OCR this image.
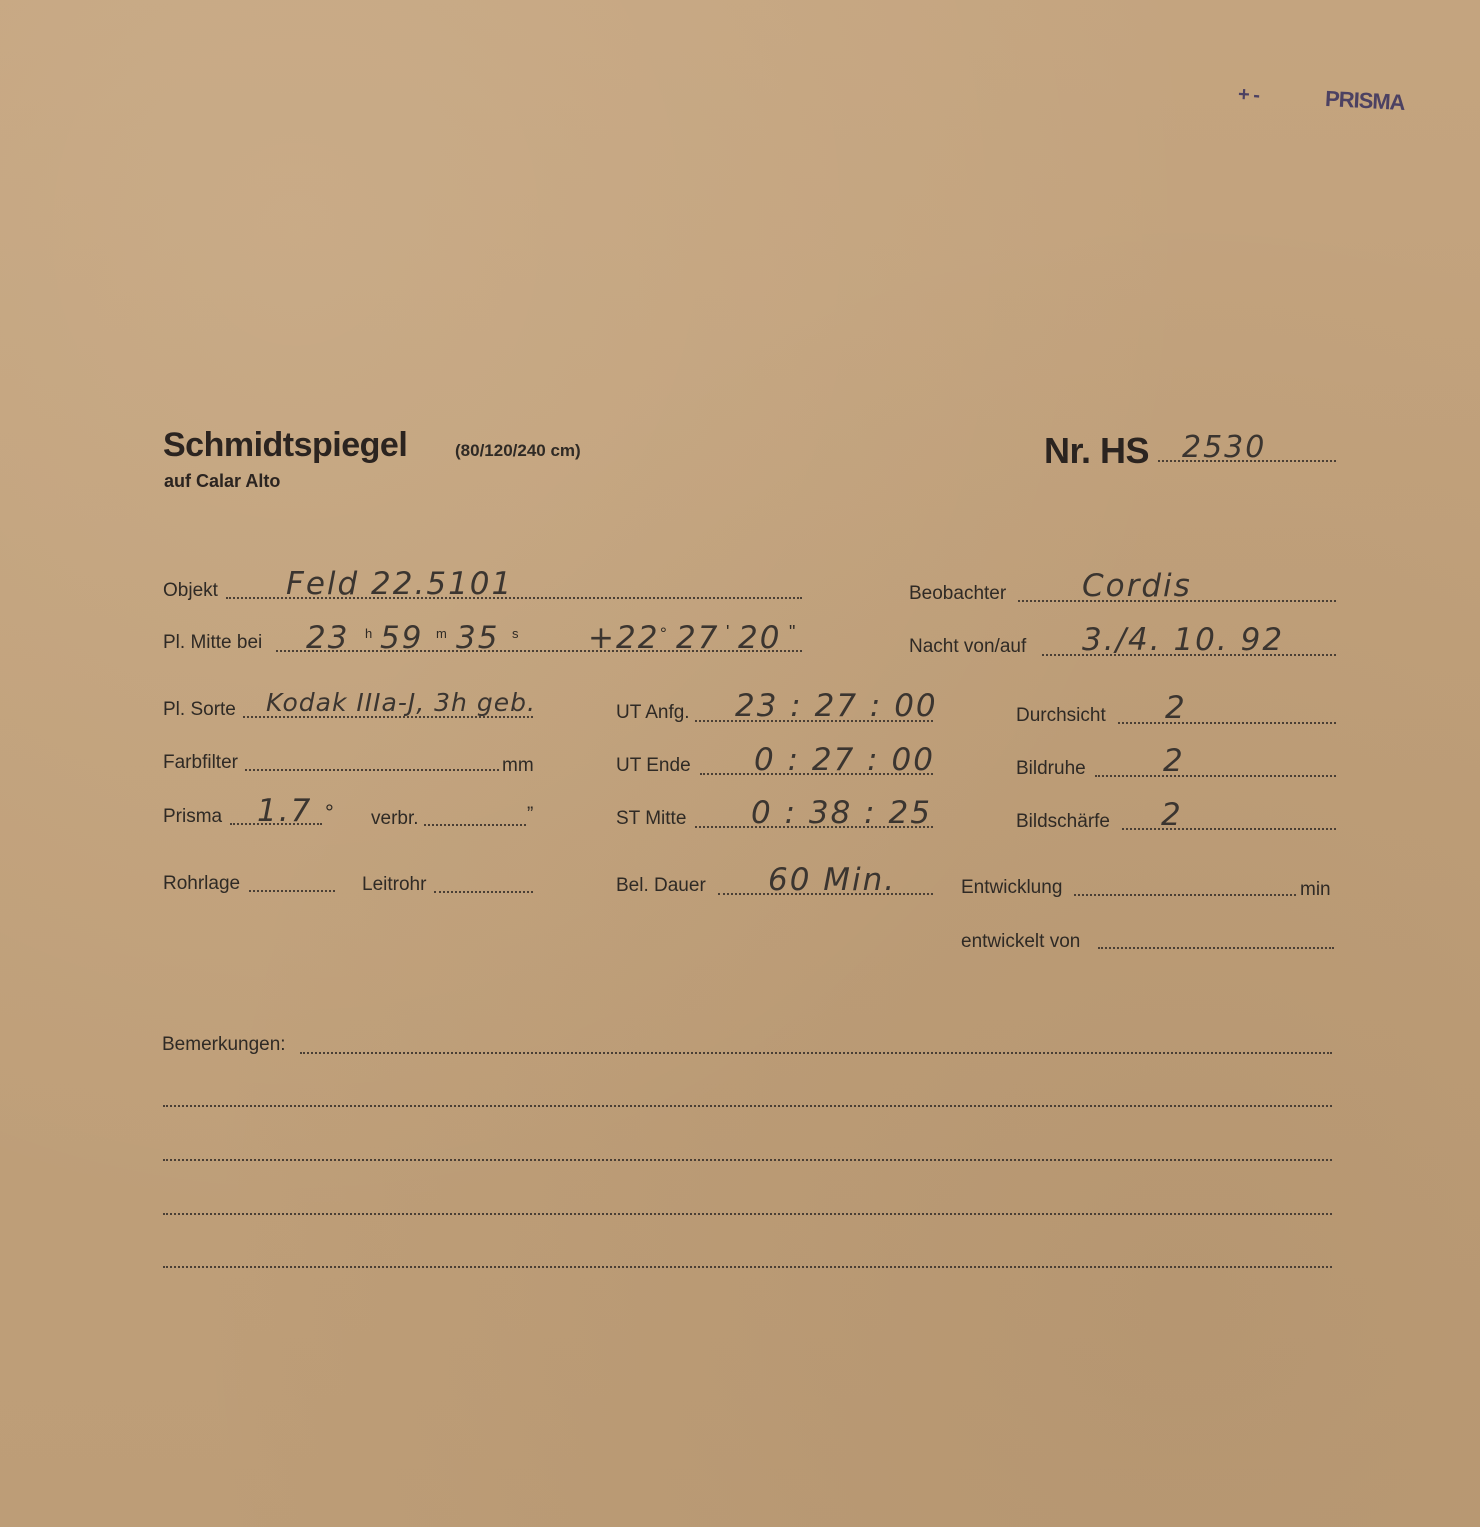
+ -	PRISMA
Schmidtspiegel	(80/120/240 cm)
auf Calar Alto
Nr. HS 2530
Objekt Feld 22.5101	Beobachter Cordis
Pl. Mitte bei 23 h 59 m 35 s +22 ° 27 ' 20 "
Nacht von/auf 3./4. 10. 92
Pl. Sorte Kodak IIIa-J, 3h geb.	UT Anfg. 23 : 27 : 00	Durchsicht 2
Farbfilter	mm	UT Ende 0 : 27 : 00	Bildruhe 2
Prisma 1.7 ° verbr.	”	ST Mitte 0 : 38 : 25	Bildschärfe 2
Rohrlage	Leitrohr	Bel. Dauer 60 Min.	Entwicklung	min
entwickelt von
Bemerkungen:
